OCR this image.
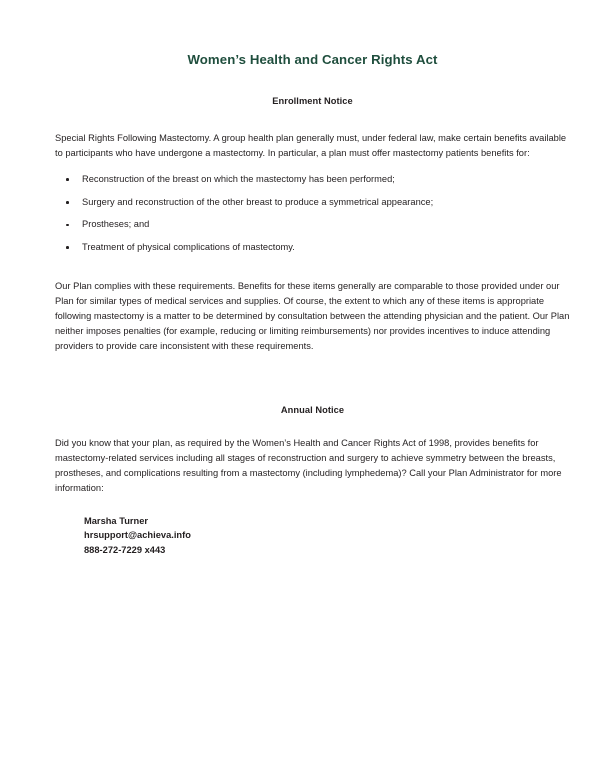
Women’s Health and Cancer Rights Act
Enrollment Notice

Special Rights Following Mastectomy. A group health plan generally must, under federal law, make certain benefits available to participants who have undergone a mastectomy. In particular, a plan must offer mastectomy patients benefits for:

Reconstruction of the breast on which the mastectomy has been performed;
Surgery and reconstruction of the other breast to produce a symmetrical appearance;
Prostheses; and
Treatment of physical complications of mastectomy.

Our Plan complies with these requirements. Benefits for these items generally are comparable to those provided under our Plan for similar types of medical services and supplies. Of course, the extent to which any of these items is appropriate following mastectomy is a matter to be determined by consultation between the attending physician and the patient. Our Plan neither imposes penalties (for example, reducing or limiting reimbursements) nor provides incentives to induce attending providers to provide care inconsistent with these requirements.

Annual Notice

Did you know that your plan, as required by the Women’s Health and Cancer Rights Act of 1998, provides benefits for mastectomy-related services including all stages of reconstruction and surgery to achieve symmetry between the breasts, prostheses, and complications resulting from a mastectomy (including lymphedema)? Call your Plan Administrator for more information:

Marsha Turner
hrsupport@achieva.info
888-272-7229 x443
